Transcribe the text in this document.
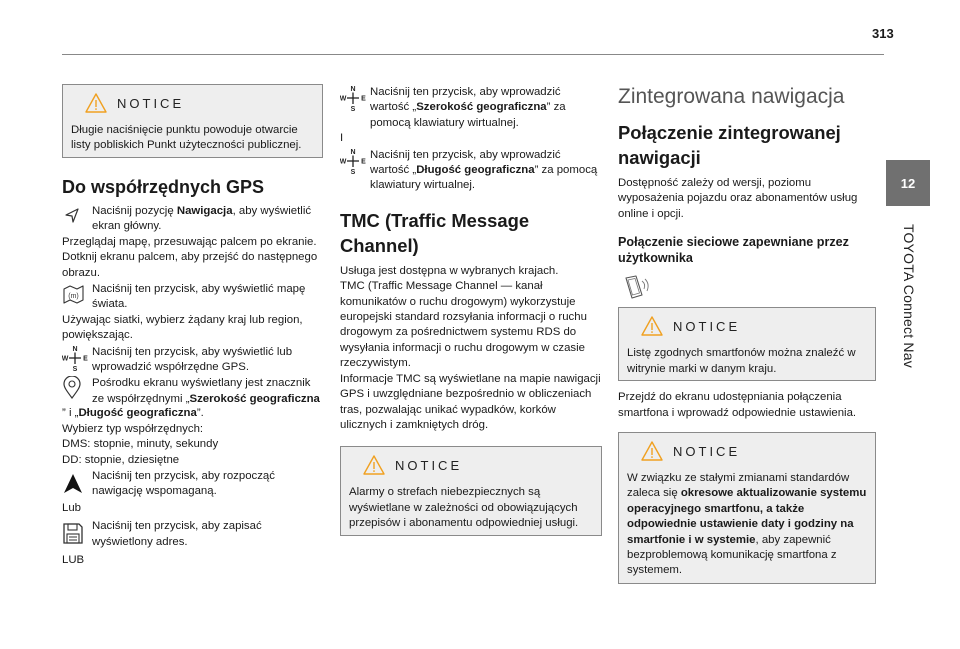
313
12
TOYOTA Connect Nav
NOTICE

Długie naciśnięcie punktu powoduje otwarcie listy pobliskich Punkt użyteczności publicznej.

Do współrzędnych GPS

Naciśnij pozycję Nawigacja, aby wyświetlić ekran główny.

Przeglądaj mapę, przesuwając palcem po ekranie.

Dotknij ekranu palcem, aby przejść do następnego obrazu.

(m)

Naciśnij ten przycisk, aby wyświetlić mapę świata.

Używając siatki, wybierz żądany kraj lub region, powiększając.

N
W E
S

Naciśnij ten przycisk, aby wyświetlić lub wprowadzić współrzędne GPS.

Pośrodku ekranu wyświetlany jest znacznik ze współrzędnymi „Szerokość geograficzna

” i „Długość geograficzna”.

Wybierz typ współrzędnych:

DMS: stopnie, minuty, sekundy

DD: stopnie, dziesiętne

Naciśnij ten przycisk, aby rozpocząć nawigację wspomaganą.

Lub

Naciśnij ten przycisk, aby zapisać wyświetlony adres.

LUB

N
W E
S

Naciśnij ten przycisk, aby wprowadzić wartość „Szerokość geograficzna” za pomocą klawiatury wirtualnej.

I

N
W E
S

Naciśnij ten przycisk, aby wprowadzić wartość „Długość geograficzna” za pomocą klawiatury wirtualnej.

TMC (Traffic Message Channel)

Usługa jest dostępna w wybranych krajach.

TMC (Traffic Message Channel — kanał komunikatów o ruchu drogowym) wykorzystuje europejski standard rozsyłania informacji o ruchu drogowym za pośrednictwem systemu RDS do wysyłania informacji o ruchu drogowym w czasie rzeczywistym.

Informacje TMC są wyświetlane na mapie nawigacji GPS i uwzględniane bezpośrednio w obliczeniach tras, pozwalając unikać wypadków, korków ulicznych i zamkniętych dróg.

NOTICE

Alarmy o strefach niebezpiecznych są wyświetlane w zależności od obowiązujących przepisów i abonamentu odpowiedniej usługi.

Zintegrowana nawigacja
Połączenie zintegrowanej nawigacji

Dostępność zależy od wersji, poziomu wyposażenia pojazdu oraz abonamentów usług online i opcji.

Połączenie sieciowe zapewniane przez użytkownika
NOTICE

Listę zgodnych smartfonów można znaleźć w witrynie marki w danym kraju.

Przejdź do ekranu udostępniania połączenia smartfona i wprowadź odpowiednie ustawienia.

NOTICE

W związku ze stałymi zmianami standardów zaleca się okresowe aktualizowanie systemu operacyjnego smartfonu, a także odpowiednie ustawienie daty i godziny na smartfonie i w systemie, aby zapewnić bezproblemową komunikację smartfona z systemem.
